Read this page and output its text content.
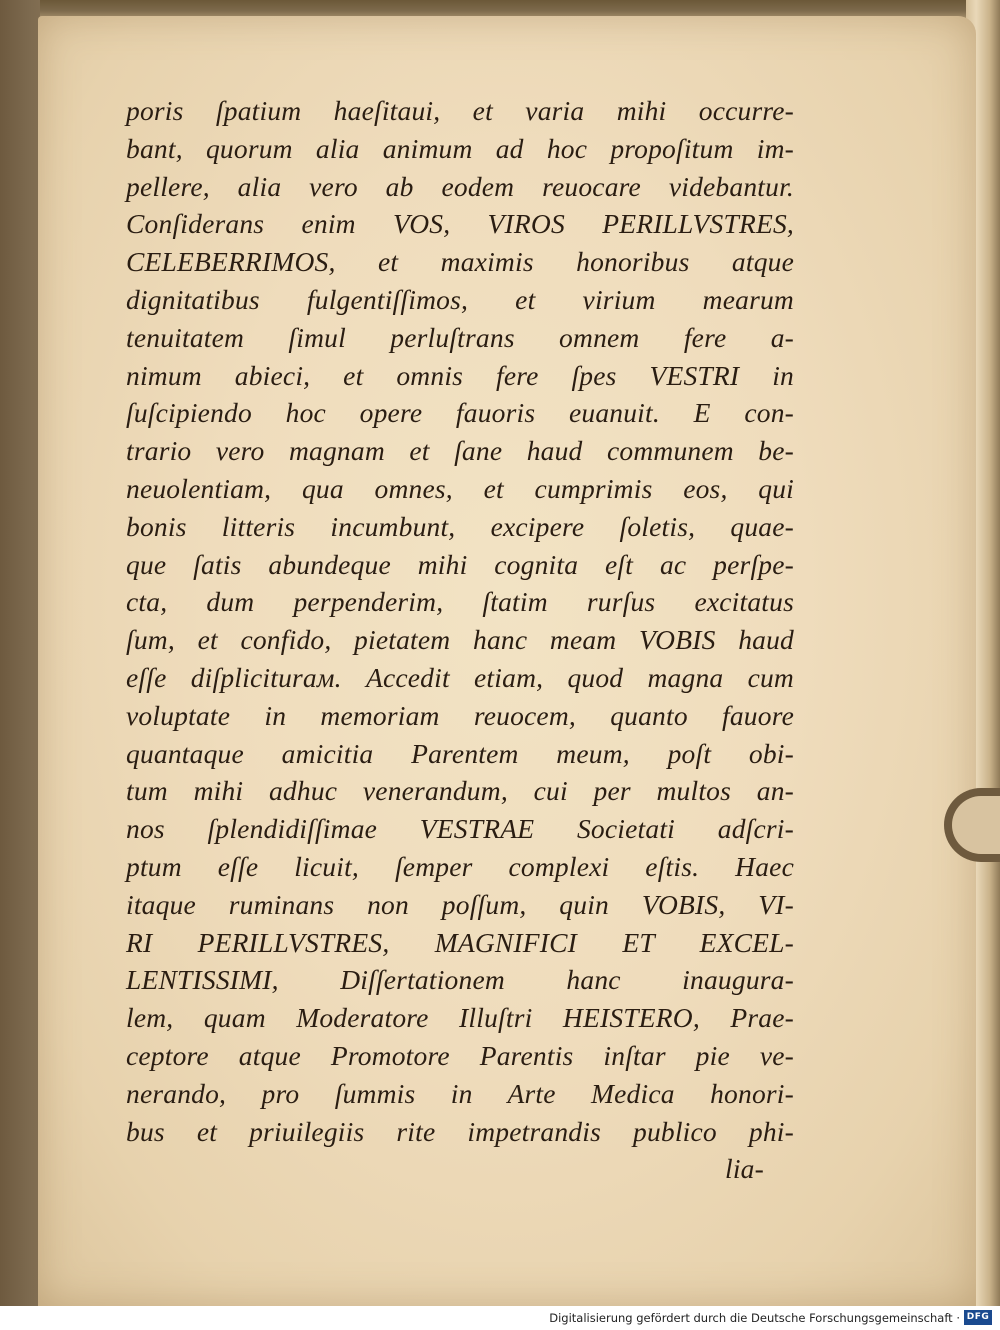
poris ſpatium haeſitaui, et varia mihi occurre-
bant, quorum alia animum ad hoc propoſitum im-
pellere, alia vero ab eodem reuocare videbantur.
Conſiderans enim VOS, VIROS PERILLVSTRES,
CELEBERRIMOS, et maximis honoribus atque
dignitatibus fulgentiſſimos, et virium mearum
tenuitatem ſimul perluſtrans omnem fere a-
nimum abieci, et omnis fere ſpes VESTRI in
ſuſcipiendo hoc opere fauoris euanuit. E con-
trario vero magnam et ſane haud communem be-
neuolentiam, qua omnes, et cumprimis eos, qui
bonis litteris incumbunt, excipere ſoletis, quae-
que ſatis abundeque mihi cognita eſt ac perſpe-
cta, dum perpenderim, ſtatim rurſus excitatus
ſum, et confido, pietatem hanc meam VOBIS haud
eſſe diſpliciturам. Accedit etiam, quod magna cum
voluptate in memoriam reuocem, quanto fauore
quantaque amicitia Parentem meum, poſt obi-
tum mihi adhuc venerandum, cui per multos an-
nos ſplendidiſſimae VESTRAE Societati adſcri-
ptum eſſe licuit, ſemper complexi eſtis. Haec
itaque ruminans non poſſum, quin VOBIS, VI-
RI PERILLVSTRES, MAGNIFICI ET EXCEL-
LENTISSIMI, Diſſertationem hanc inaugura-
lem, quam Moderatore Illuſtri HEISTERO, Prae-
ceptore atque Promotore Parentis inſtar pie ve-
nerando, pro ſummis in Arte Medica honori-
bus et priuilegiis rite impetrandis publico phi-
lia-
Digitalisierung gefördert durch die Deutsche Forschungsgemeinschaft · DFG
